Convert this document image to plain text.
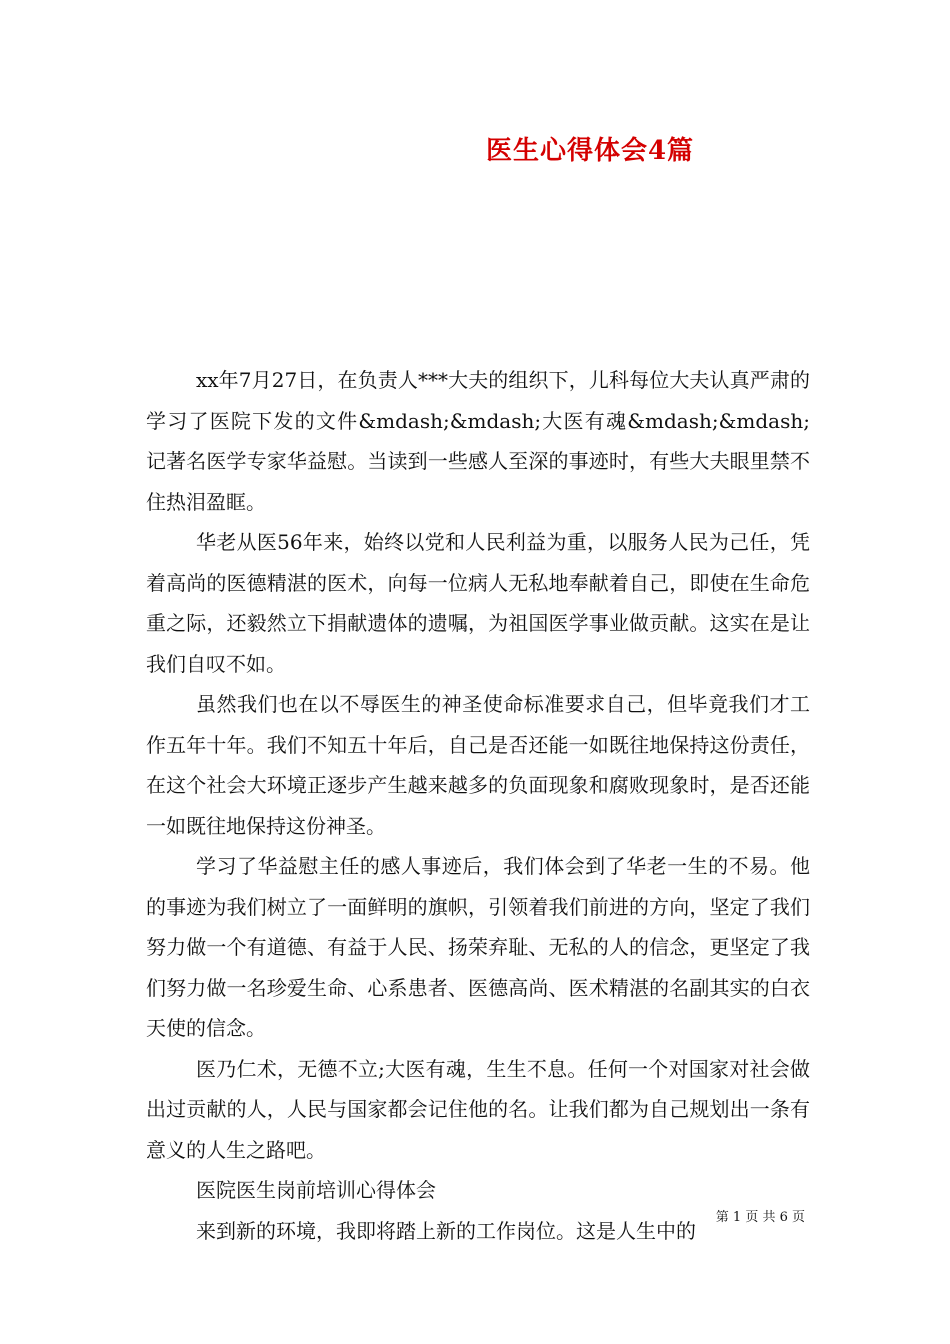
医生心得体会4篇

xx年7月27日，在负责人***大夫的组织下，儿科每位大夫认真严肃的学习了医院下发的文件&mdash;&mdash;大医有魂&mdash;&mdash;记著名医学专家华益慰。当读到一些感人至深的事迹时，有些大夫眼里禁不住热泪盈眶。

华老从医56年来，始终以党和人民利益为重，以服务人民为己任，凭着高尚的医德精湛的医术，向每一位病人无私地奉献着自己，即使在生命危重之际，还毅然立下捐献遗体的遗嘱，为祖国医学事业做贡献。这实在是让我们自叹不如。

虽然我们也在以不辱医生的神圣使命标准要求自己，但毕竟我们才工作五年十年。我们不知五十年后，自己是否还能一如既往地保持这份责任，在这个社会大环境正逐步产生越来越多的负面现象和腐败现象时，是否还能一如既往地保持这份神圣。

学习了华益慰主任的感人事迹后，我们体会到了华老一生的不易。他的事迹为我们树立了一面鲜明的旗帜，引领着我们前进的方向，坚定了我们努力做一个有道德、有益于人民、扬荣弃耻、无私的人的信念，更坚定了我们努力做一名珍爱生命、心系患者、医德高尚、医术精湛的名副其实的白衣天使的信念。

医乃仁术，无德不立;大医有魂，生生不息。任何一个对国家对社会做出过贡献的人，人民与国家都会记住他的名。让我们都为自己规划出一条有意义的人生之路吧。

医院医生岗前培训心得体会

来到新的环境，我即将踏上新的工作岗位。这是人生中的

第 1 页 共 6 页
